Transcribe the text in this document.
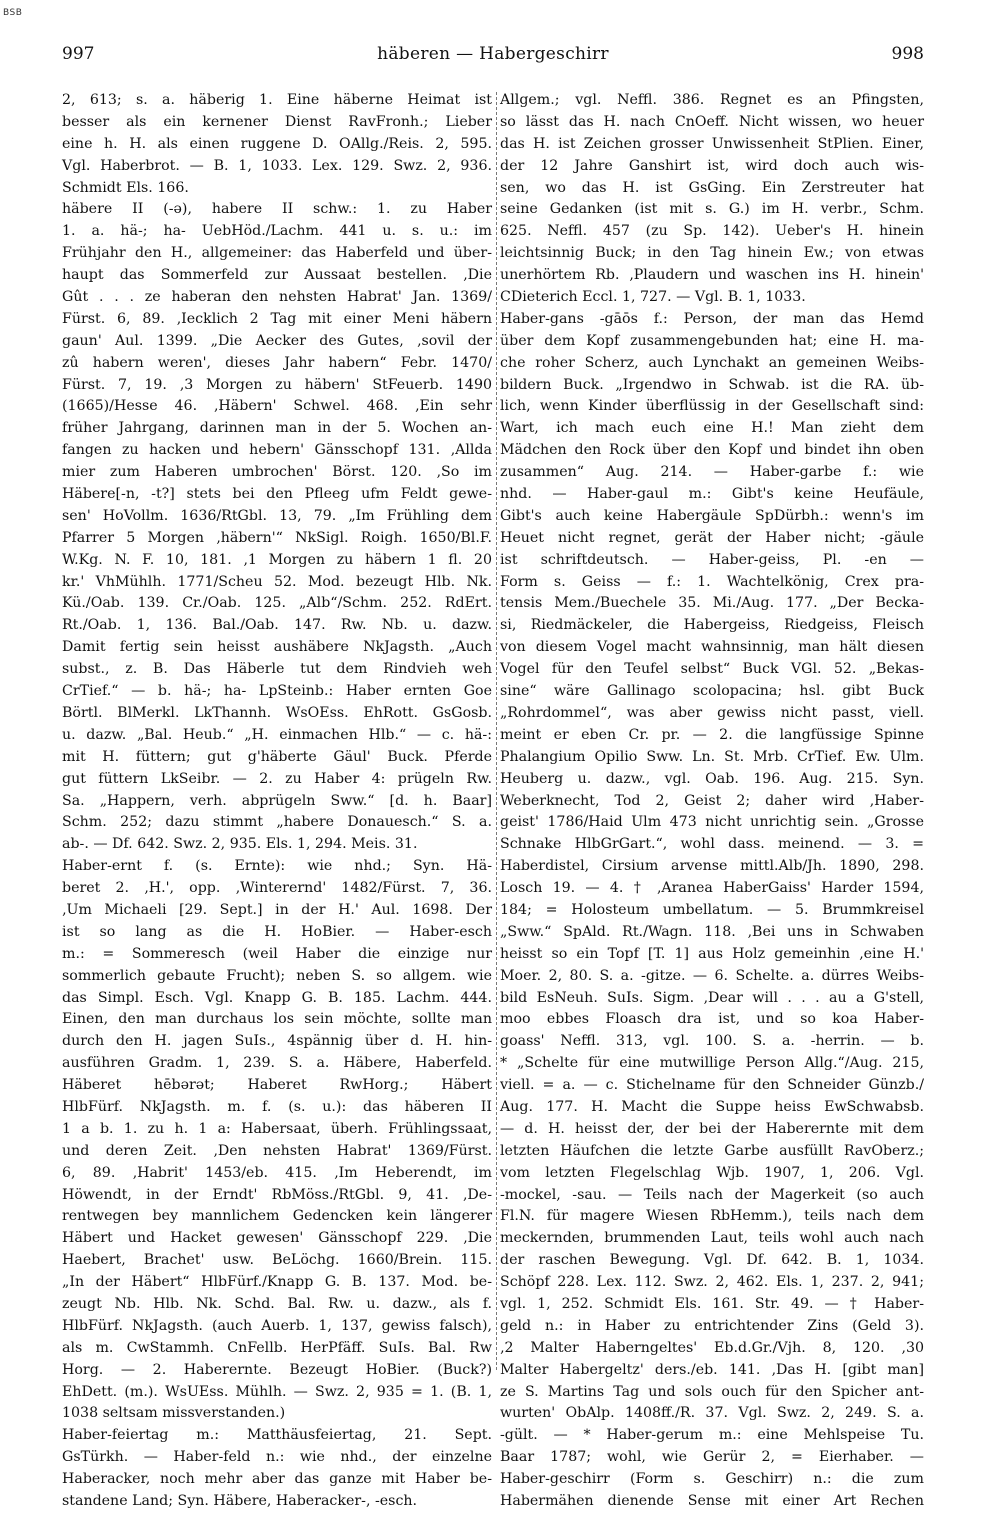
BSB
997	häberen — Habergeschirr	998
2, 613; s. a. häberig 1. Eine häberne Heimat ist
besser als ein kernener Dienst RavFronh.; Lieber
eine h. H. als einen ruggene D. OAllg./Reis. 2, 595.
Vgl. Haberbrot. — B. 1, 1033. Lex. 129. Swz. 2, 936.
Schmidt Els. 166.
häbere II (-ə), habere II schw.: 1. zu Haber
1. a. hä-; ha- UebHöd./Lachm. 441 u. s. u.: im
Frühjahr den H., allgemeiner: das Haberfeld und über-
haupt das Sommerfeld zur Aussaat bestellen. ‚Die
Gût . . . ze haberan den nehsten Habrat' Jan. 1369/
Fürst. 6, 89. ‚Iecklich 2 Tag mit einer Meni häbern
gaun' Aul. 1399. „Die Aecker des Gutes, ‚sovil der
zû habern weren', dieses Jahr habern“ Febr. 1470/
Fürst. 7, 19. ‚3 Morgen zu häbern' StFeuerb. 1490
(1665)/Hesse 46. ‚Häbern' Schwel. 468. ‚Ein sehr
früher Jahrgang, darinnen man in der 5. Wochen an-
fangen zu hacken und hebern' Gänsschopf 131. ‚Allda
mier zum Haberen umbrochen' Börst. 120. ‚So im
Häbere[-n, -t?] stets bei den Pfleeg ufm Feldt gewe-
sen' HoVollm. 1636/RtGbl. 13, 79. „Im Frühling dem
Pfarrer 5 Morgen ‚häbern'“ NkSigl. Roigh. 1650/Bl.F.
W.Kg. N. F. 10, 181. ‚1 Morgen zu häbern 1 fl. 20
kr.' VhMühlh. 1771/Scheu 52. Mod. bezeugt Hlb. Nk.
Kü./Oab. 139. Cr./Oab. 125. „Alb“/Schm. 252. RdErt.
Rt./Oab. 1, 136. Bal./Oab. 147. Rw. Nb. u. dazw.
Damit fertig sein heisst aushäbere NkJagsth. „Auch
subst., z. B. Das Häberle tut dem Rindvieh weh
CrTief.“ — b. hä-; ha- LpSteinb.: Haber ernten Goe
Börtl. BlMerkl. LkThannh. WsOEss. EhRott. GsGosb.
u. dazw. „Bal. Heub.“ „H. einmachen Hlb.“ — c. hä-:
mit H. füttern; gut g'häberte Gäul' Buck. Pferde
gut füttern LkSeibr. — 2. zu Haber 4: prügeln Rw.
Sa. „Happern, verh. abprügeln Sww.“ [d. h. Baar]
Schm. 252; dazu stimmt „habere Donauesch.“ S. a.
ab-. — Df. 642. Swz. 2, 935. Els. 1, 294. Meis. 31.
Haber-ernt f. (s. Ernte): wie nhd.; Syn. Hä-
beret 2. ‚H.', opp. ‚Winterernd' 1482/Fürst. 7, 36.
‚Um Michaeli [29. Sept.] in der H.' Aul. 1698. Der
ist so lang as die H. HoBier. — Haber-esch
m.: = Sommeresch (weil Haber die einzige nur
sommerlich gebaute Frucht); neben S. so allgem. wie
das Simpl. Esch. Vgl. Knapp G. B. 185. Lachm. 444.
Einen, den man durchaus los sein möchte, sollte man
durch den H. jagen SuIs., 4spännig über d. H. hin-
ausführen Gradm. 1, 239. S. a. Häbere, Haberfeld.
Häberet hēbərət; Haberet RwHorg.; Häbert
HlbFürf. NkJagsth. m. f. (s. u.): das häberen II
1 a b. 1. zu h. 1 a: Habersaat, überh. Frühlingssaat,
und deren Zeit. ‚Den nehsten Habrat' 1369/Fürst.
6, 89. ‚Habrit' 1453/eb. 415. ‚Im Heberendt, im
Höwendt, in der Erndt' RbMöss./RtGbl. 9, 41. ‚De-
rentwegen bey mannlichem Gedencken kein längerer
Häbert und Hacket gewesen' Gänsschopf 229. ‚Die
Haebert, Brachet' usw. BeLöchg. 1660/Brein. 115.
„In der Häbert“ HlbFürf./Knapp G. B. 137. Mod. be-
zeugt Nb. Hlb. Nk. Schd. Bal. Rw. u. dazw., als f.
HlbFürf. NkJagsth. (auch Auerb. 1, 137, gewiss falsch),
als m. CwStammh. CnFellb. HerPfäff. SuIs. Bal. Rw
Horg. — 2. Haberernte. Bezeugt HoBier. (Buck?)
EhDett. (m.). WsUEss. Mühlh. — Swz. 2, 935 = 1. (B. 1,
1038 seltsam missverstanden.)
Haber-feiertag m.: Matthäusfeiertag, 21. Sept.
GsTürkh. — Haber-feld n.: wie nhd., der einzelne
Haberacker, noch mehr aber das ganze mit Haber be-
standene Land; Syn. Häbere, Haberacker-, -esch.
Allgem.; vgl. Neffl. 386. Regnet es an Pfingsten,
so lässt das H. nach CnOeff. Nicht wissen, wo heuer
das H. ist Zeichen grosser Unwissenheit StPlien. Einer,
der 12 Jahre Ganshirt ist, wird doch auch wis-
sen, wo das H. ist GsGing. Ein Zerstreuter hat
seine Gedanken (ist mit s. G.) im H. verbr., Schm.
625. Neffl. 457 (zu Sp. 142). Ueber's H. hinein
leichtsinnig Buck; in den Tag hinein Ew.; von etwas
unerhörtem Rb. ‚Plaudern und waschen ins H. hinein'
CDieterich Eccl. 1, 727. — Vgl. B. 1, 1033.
Haber-gans -gāōs f.: Person, der man das Hemd
über dem Kopf zusammengebunden hat; eine H. ma-
che roher Scherz, auch Lynchakt an gemeinen Weibs-
bildern Buck. „Irgendwo in Schwab. ist die RA. üb-
lich, wenn Kinder überflüssig in der Gesellschaft sind:
Wart, ich mach euch eine H.! Man zieht dem
Mädchen den Rock über den Kopf und bindet ihn oben
zusammen“ Aug. 214. — Haber-garbe f.: wie
nhd. — Haber-gaul m.: Gibt's keine Heufäule,
Gibt's auch keine Habergäule SpDürbh.: wenn's im
Heuet nicht regnet, gerät der Haber nicht; -gäule
ist schriftdeutsch. — Haber-geiss, Pl. -en —
Form s. Geiss — f.: 1. Wachtelkönig, Crex pra-
tensis Mem./Buechele 35. Mi./Aug. 177. „Der Becka-
si, Riedmäckeler, die Habergeiss, Riedgeiss, Fleisch
von diesem Vogel macht wahnsinnig, man hält diesen
Vogel für den Teufel selbst“ Buck VGl. 52. „Bekas-
sine“ wäre Gallinago scolopacina; hsl. gibt Buck
„Rohrdommel“, was aber gewiss nicht passt, viell.
meint er eben Cr. pr. — 2. die langfüssige Spinne
Phalangium Opilio Sww. Ln. St. Mrb. CrTief. Ew. Ulm.
Heuberg u. dazw., vgl. Oab. 196. Aug. 215. Syn.
Weberknecht, Tod 2, Geist 2; daher wird ‚Haber-
geist' 1786/Haid Ulm 473 nicht unrichtig sein. „Grosse
Schnake HlbGrGart.“, wohl dass. meinend. — 3. =
Haberdistel, Cirsium arvense mittl.Alb/Jh. 1890, 298.
Losch 19. — 4. † ‚Aranea HaberGaiss' Harder 1594,
184; = Holosteum umbellatum. — 5. Brummkreisel
„Sww.“ SpAld. Rt./Wagn. 118. ‚Bei uns in Schwaben
heisst so ein Topf [T. 1] aus Holz gemeinhin ‚eine H.'
Moer. 2, 80. S. a. -gitze. — 6. Schelte. a. dürres Weibs-
bild EsNeuh. SuIs. Sigm. ‚Dear will . . . au a G'stell,
moo ebbes Floasch dra ist, und so koa Haber-
goass' Neffl. 313, vgl. 100. S. a. -herrin. — b.
* „Schelte für eine mutwillige Person Allg.“/Aug. 215,
viell. = a. — c. Stichelname für den Schneider Günzb./
Aug. 177. H. Macht die Suppe heiss EwSchwabsb.
— d. H. heisst der, der bei der Haberernte mit dem
letzten Häufchen die letzte Garbe ausfüllt RavOberz.;
vom letzten Flegelschlag Wjb. 1907, 1, 206. Vgl.
-mockel, -sau. — Teils nach der Magerkeit (so auch
Fl.N. für magere Wiesen RbHemm.), teils nach dem
meckernden, brummenden Laut, teils wohl auch nach
der raschen Bewegung. Vgl. Df. 642. B. 1, 1034.
Schöpf 228. Lex. 112. Swz. 2, 462. Els. 1, 237. 2, 941;
vgl. 1, 252. Schmidt Els. 161. Str. 49. — † Haber-
geld n.: in Haber zu entrichtender Zins (Geld 3).
‚2 Malter Haberngeltes' Eb.d.Gr./Vjh. 8, 120. ‚30
Malter Habergeltz' ders./eb. 141. ‚Das H. [gibt man]
ze S. Martins Tag und sols ouch für den Spicher ant-
wurten' ObAlp. 1408ff./R. 37. Vgl. Swz. 2, 249. S. a.
-gült. — * Haber-gerum m.: eine Mehlspeise Tu.
Baar 1787; wohl, wie Gerür 2, = Eierhaber. —
Haber-geschirr (Form s. Geschirr) n.: die zum
Habermähen dienende Sense mit einer Art Rechen
